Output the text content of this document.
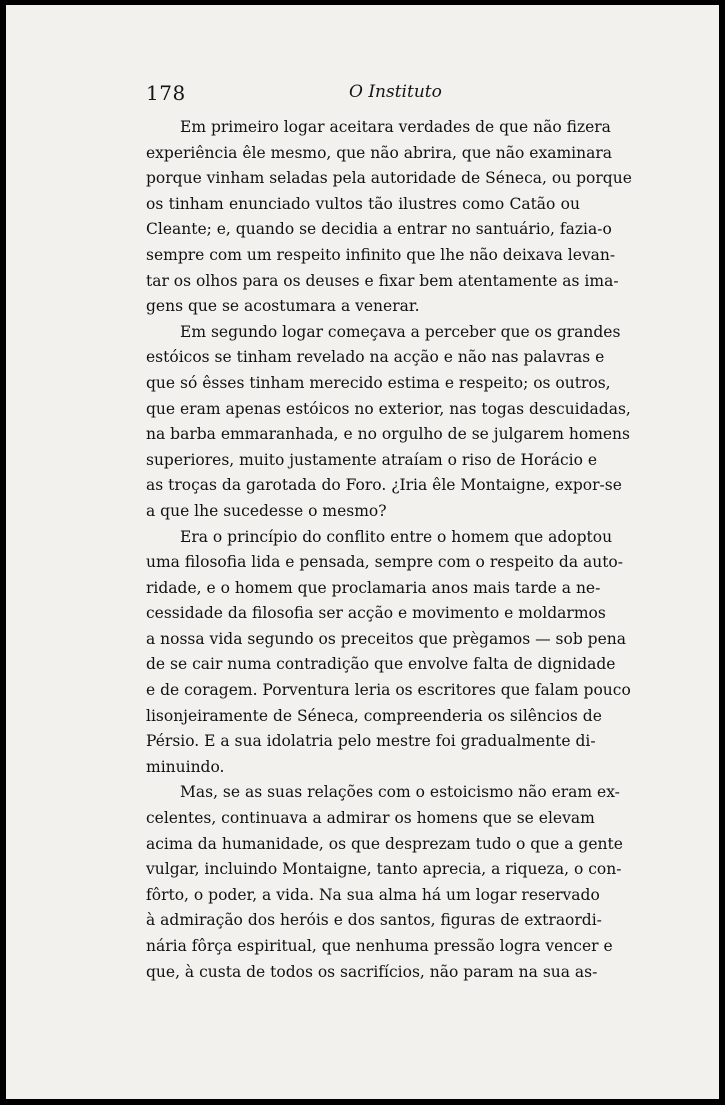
178	O Instituto
Em primeiro logar aceitara verdades de que não fizera
experiência êle mesmo, que não abrira, que não examinara
porque vinham seladas pela autoridade de Séneca, ou porque
os tinham enunciado vultos tão ilustres como Catão ou
Cleante; e, quando se decidia a entrar no santuário, fazia-o
sempre com um respeito infinito que lhe não deixava levan-
tar os olhos para os deuses e fixar bem atentamente as ima-
gens que se acostumara a venerar.
Em segundo logar começava a perceber que os grandes
estóicos se tinham revelado na acção e não nas palavras e
que só êsses tinham merecido estima e respeito; os outros,
que eram apenas estóicos no exterior, nas togas descuidadas,
na barba emmaranhada, e no orgulho de se julgarem homens
superiores, muito justamente atraíam o riso de Horácio e
as troças da garotada do Foro. ¿Iria êle Montaigne, expor-se
a que lhe sucedesse o mesmo?
Era o princípio do conflito entre o homem que adoptou
uma filosofia lida e pensada, sempre com o respeito da auto-
ridade, e o homem que proclamaria anos mais tarde a ne-
cessidade da filosofia ser acção e movimento e moldarmos
a nossa vida segundo os preceitos que prègamos — sob pena
de se cair numa contradição que envolve falta de dignidade
e de coragem. Porventura leria os escritores que falam pouco
lisonjeiramente de Séneca, compreenderia os silêncios de
Pérsio. E a sua idolatria pelo mestre foi gradualmente di-
minuindo.
Mas, se as suas relações com o estoicismo não eram ex-
celentes, continuava a admirar os homens que se elevam
acima da humanidade, os que desprezam tudo o que a gente
vulgar, incluindo Montaigne, tanto aprecia, a riqueza, o con-
fôrto, o poder, a vida. Na sua alma há um logar reservado
à admiração dos heróis e dos santos, figuras de extraordi-
nária fôrça espiritual, que nenhuma pressão logra vencer e
que, à custa de todos os sacrifícios, não param na sua as-
